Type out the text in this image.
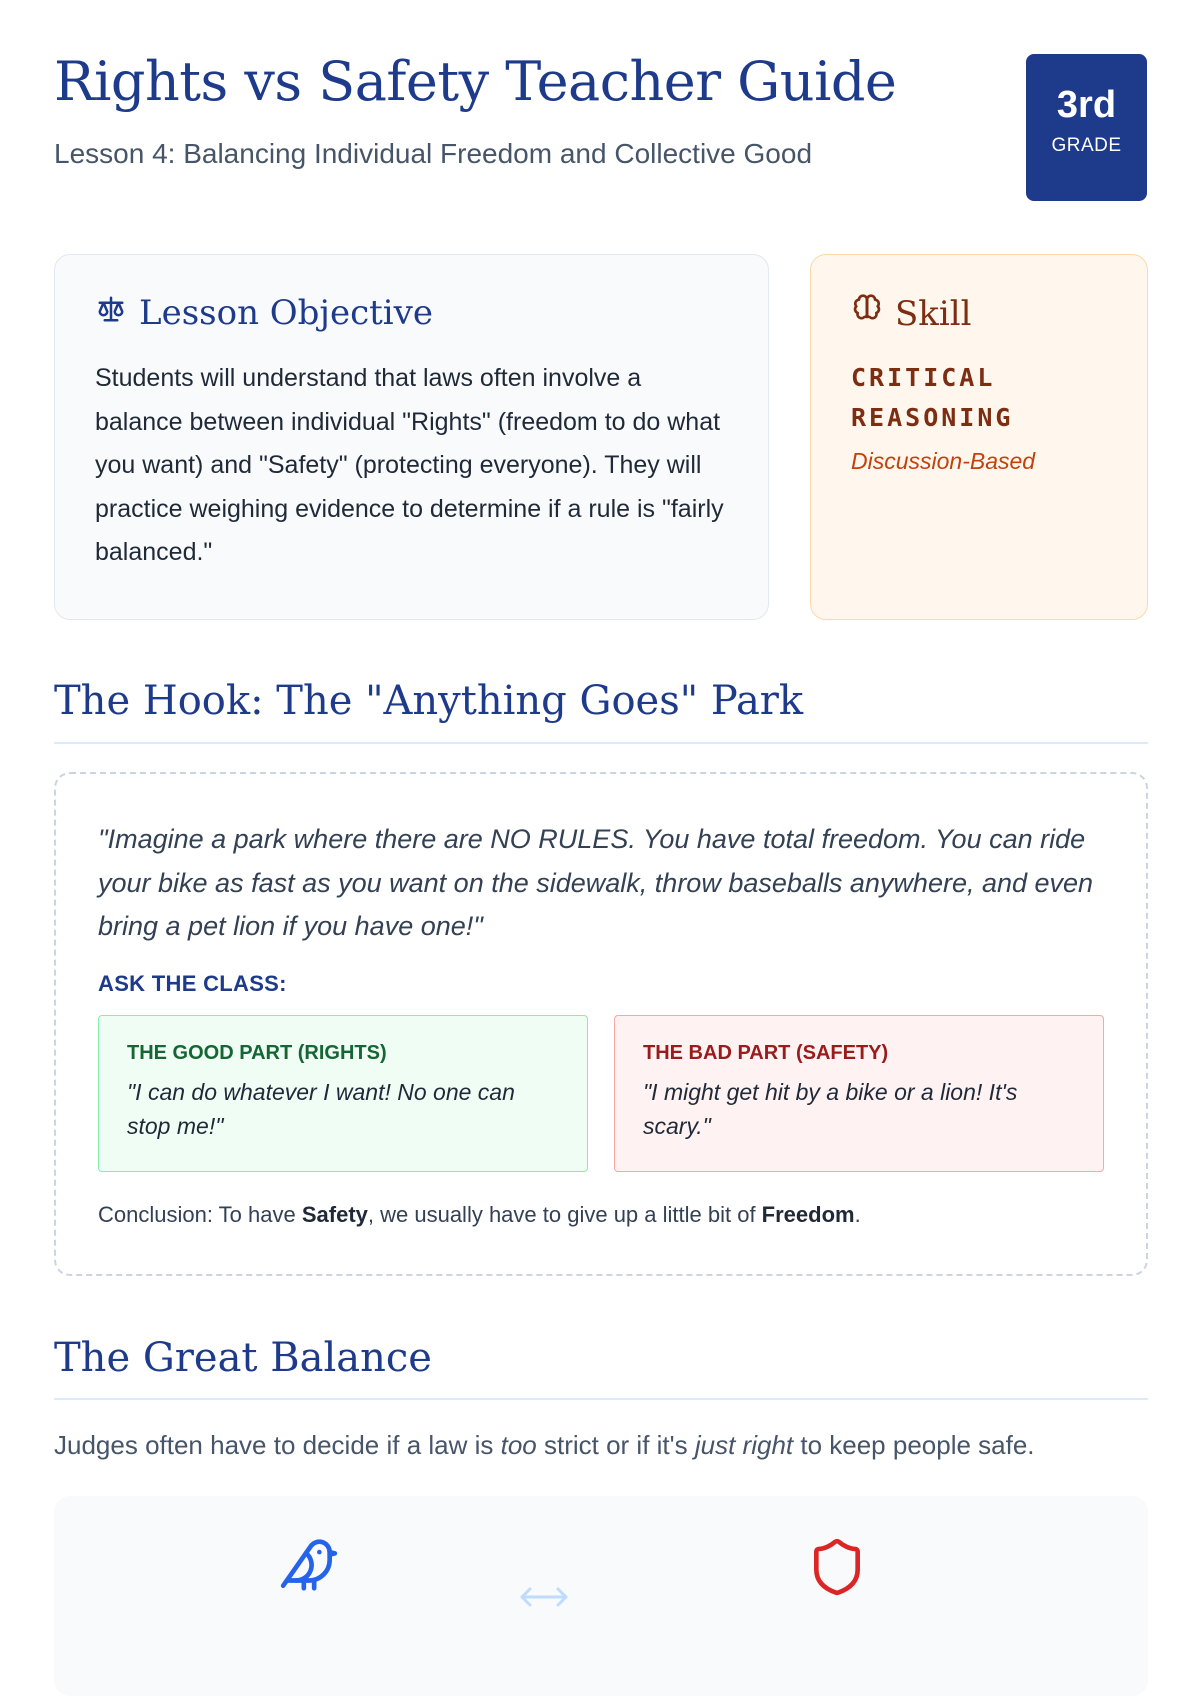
Rights vs Safety Teacher Guide
Lesson 4: Balancing Individual Freedom and Collective Good
3rd
GRADE
Lesson Objective
Students will understand that laws often involve a balance between individual "Rights" (freedom to do what you want) and "Safety" (protecting everyone). They will practice weighing evidence to determine if a rule is "fairly balanced."
Skill
CRITICAL REASONING
Discussion-Based
The Hook: The "Anything Goes" Park
"Imagine a park where there are NO RULES. You have total freedom. You can ride your bike as fast as you want on the sidewalk, throw baseballs anywhere, and even bring a pet lion if you have one!"
ASK THE CLASS:
THE GOOD PART (RIGHTS)
"I can do whatever I want! No one can stop me!"
THE BAD PART (SAFETY)
"I might get hit by a bike or a lion! It's scary."
Conclusion: To have Safety, we usually have to give up a little bit of Freedom.
The Great Balance
Judges often have to decide if a law is too strict or if it's just right to keep people safe.
